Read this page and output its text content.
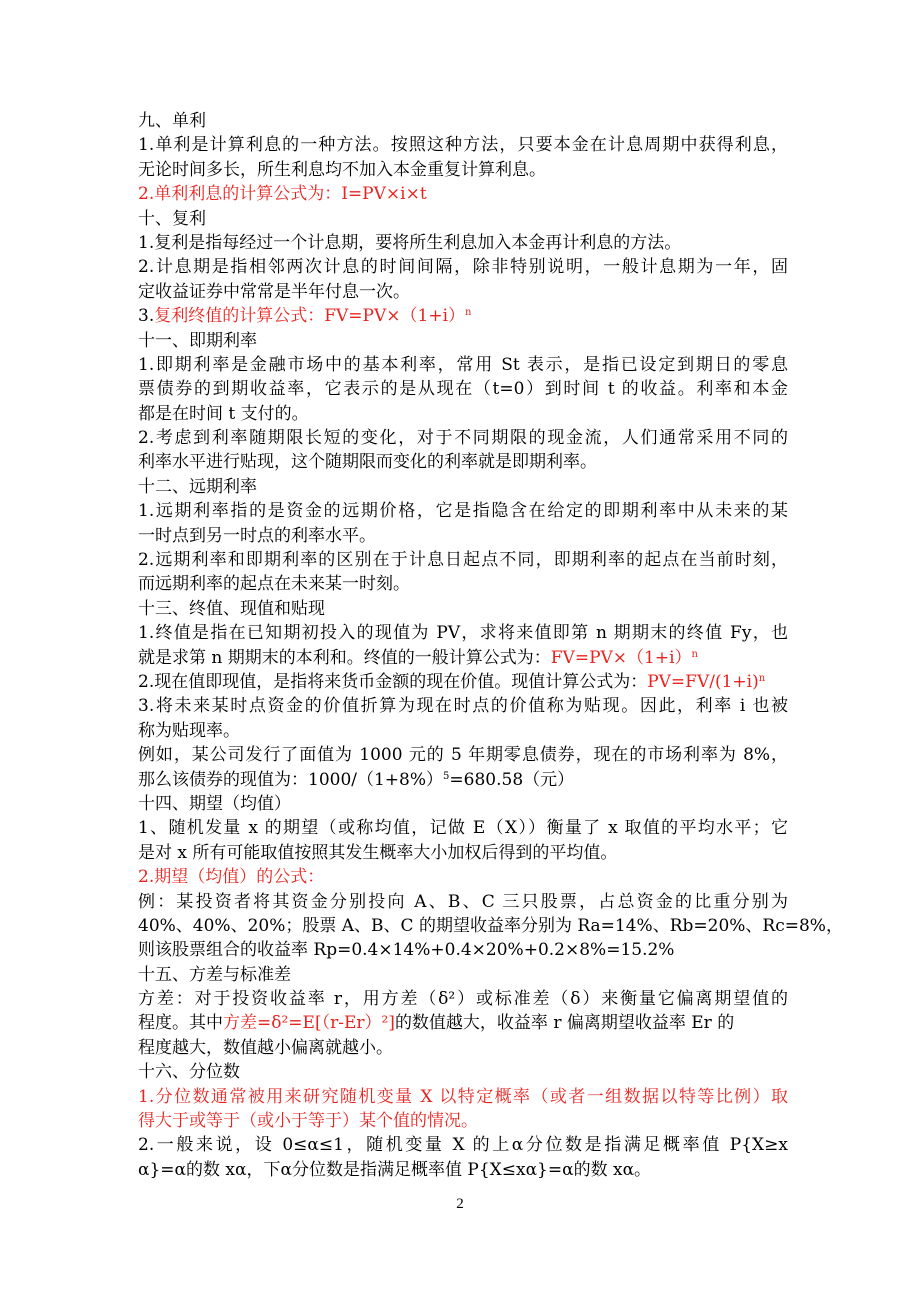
九、单利
1.单利是计算利息的一种方法。按照这种方法，只要本金在计息周期中获得利息，
无论时间多长，所生利息均不加入本金重复计算利息。
2.单利利息的计算公式为：I=PV×i×t
十、复利
1.复利是指每经过一个计息期，要将所生利息加入本金再计利息的方法。
2.计息期是指相邻两次计息的时间间隔，除非特别说明，一般计息期为一年，固
定收益证券中常常是半年付息一次。
3.复利终值的计算公式：$FV=PV\times(1+i)^n$
十一、即期利率
1.即期利率是金融市场中的基本利率，常用 St 表示，是指已设定到期日的零息
票债券的到期收益率，它表示的是从现在（t=0）到时间 t 的收益。利率和本金
都是在时间 t 支付的。
2.考虑到利率随期限长短的变化，对于不同期限的现金流，人们通常采用不同的
利率水平进行贴现，这个随期限而变化的利率就是即期利率。
十二、远期利率
1.远期利率指的是资金的远期价格，它是指隐含在给定的即期利率中从未来的某
一时点到另一时点的利率水平。
2.远期利率和即期利率的区别在于计息日起点不同，即期利率的起点在当前时刻，
而远期利率的起点在未来某一时刻。
十三、终值、现值和贴现
1.终值是指在已知期初投入的现值为 PV，求将来值即第 n 期期末的终值 Fy，也
就是求第 n 期期末的本利和。终值的一般计算公式为：$FV=PV\times(1+i)^n$
2.现在值即现值，是指将来货币金额的现在价值。现值计算公式为：$PV=FV/(1+i)^n$
3.将未来某时点资金的价值折算为现在时点的价值称为贴现。因此，利率 i 也被
称为贴现率。
例如，某公司发行了面值为 1000 元的 5 年期零息债券，现在的市场利率为 8%，
那么该债券的现值为：$1000/(1+8\%)^5=680.58$（元）
十四、期望（均值）
1、随机发量 x 的期望（或称均值，记做 E（X））衡量了 x 取值的平均水平；它
是对 x 所有可能取值按照其发生概率大小加权后得到的平均值。
2.期望（均值）的公式：
例：某投资者将其资金分别投向 A、B、C 三只股票，占总资金的比重分别为
40%、40%、20%；股票 A、B、C 的期望收益率分别为 Ra=14%、Rb=20%、Rc=8%，
则该股票组合的收益率 Rp=0.4×14%+0.4×20%+0.2×8%=15.2%
十五、方差与标准差
方差：对于投资收益率 r，用方差（δ²）或标准差（δ）来衡量它偏离期望值的
程度。其中方差=δ²=E[（r-Er）²]的数值越大，收益率 r 偏离期望收益率 Er 的
程度越大，数值越小偏离就越小。
十六、分位数
1.分位数通常被用来研究随机变量 X 以特定概率（或者一组数据以特等比例）取
得大于或等于（或小于等于）某个值的情况。
2.一般来说，设 0≤α≤1，随机变量 X 的上α分位数是指满足概率值 P{X≥x
α}=α的数 xα，下α分位数是指满足概率值 P{X≤xα}=α的数 xα。
2
